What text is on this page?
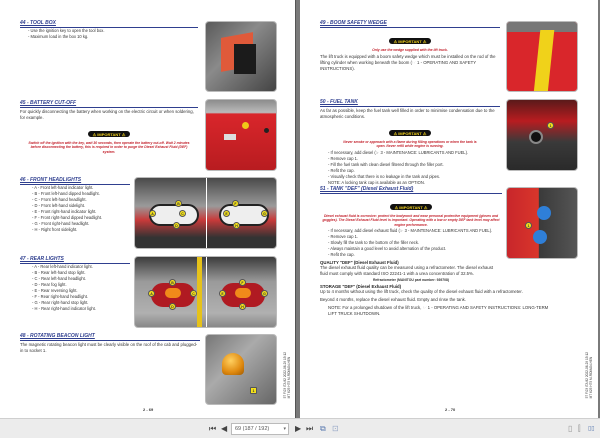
44 - TOOL BOX
- Use the ignition key to open the tool box.
- Maximum load in the box 10 kg.
45 - BATTERY CUT-OFF
For quickly disconnecting the battery when working on the electric circuit or when soldering, for example.
⚠ IMPORTANT ⚠
Switch off the ignition with the key, wait 30 seconds, then operate the battery cut-off. Wait 2 minutes before disconnecting the battery, this is required in order to purge the Diesel Exhaust Fluid (DEF) system.
46 - FRONT HEADLIGHTS
- A - Front left-hand indicator light.
- B - Front left-hand dipped headlight.
- C - Front left-hand headlight.
- D - Front left-hand sidelight.
- E - Front right-hand indicator light.
- F - Front right-hand dipped headlight.
- G - Front right-hand headlight.
- H - Right front sidelight.
A
B
C
D
E
F
G
H
47 - REAR LIGHTS
- A - Rear left-hand indicator light.
- B - Rear left-hand stop light.
- C - Rear left-hand headlight.
- D - Rear fog light.
- E - Rear reversing light.
- F - Rear right-hand headlight.
- G - Rear right-hand stop light.
- H - Rear right-hand indicator light.
A
B
C
D
E
F
G
H
48 - ROTATING BEACON LIGHT
The magnetic rotating beacon light must be clearly visible on the roof of the cab and plugged-in to socket 1.
1
2 - 69
57 F.03 ITA 82 2022-06-29 15:12 MT 625 H75 M-ROMAN-HEN
49 - BOOM SAFETY WEDGE
⚠ IMPORTANT ⚠
Only use the wedge supplied with the lift truck.
The lift truck is equipped with a boom safety wedge which must be installed on the rod of the lifting cylinder when working beneath the boom (☞ 1 - OPERATING AND SAFETY INSTRUCTIONS).
50 - FUEL TANK
As far as possible, keep the fuel tank well filled in order to minimise condensation due to the atmospheric conditions.
⚠ IMPORTANT ⚠
Never smoke or approach with a flame during filling operations or when the tank is open. Never refill while engine is running.
- If necessary, add diesel (☞ 3 - MAINTENANCE: LUBRICANTS AND FUEL).
- Remove cap 1.
- Fill the fuel tank with clean diesel filtered through the filler port.
- Refit the cap.
- Visually check that there is no leakage in the tank and pipes.
NOTE: A locking tank cap is available as an OPTION.
1
51 - TANK "DEF" (Diesel Exhaust Fluid)
⚠ IMPORTANT ⚠
Diesel exhaust fluid is corrosive: protect the bodywork and wear personal protective equipment (gloves and goggles). The Diesel Exhaust Fluid level is important. Operating with a low or empty DEF tank level may affect engine performance.
- If necessary, add diesel exhaust fluid (☞ 3 - MAINTENANCE: LUBRICANTS AND FUEL).
- Remove cap 1.
- Slowly fill the tank to the bottom of the filler neck.
- Always maintain a good level to avoid alternation of the product.
- Refit the cap.
QUALITY "DEF" (Diesel Exhaust Fluid)
The diesel exhaust fluid quality can be measured using a refractometer. The diesel exhaust fluid must comply with standard ISO 22241-1 with a urea concentration of 32.5%.
Refractometer (MANITOU part number: 939708)
STORAGE "DEF" (Diesel Exhaust Fluid)
Up to 4 months without using the lift truck, check the quality of the diesel exhaust fluid with a refractometer.
Beyond 4 months, replace the diesel exhaust fluid. Empty and rinse the tank.
NOTE: For a prolonged shutdown of the lift truck, ☞ 1 - OPERATING AND SAFETY INSTRUCTIONS: LONG-TERM LIFT TRUCK SHUTDOWN.
1
2 - 70
57 F.03 ITA 82 2022-06-29 15:12 MT 625 H75 M-ROMAN-HEN
⏮ ◀	69 (187 / 192)	▾ ▶ ⏭ ⧉ ⊡	▯ ⫿ ▯▯
